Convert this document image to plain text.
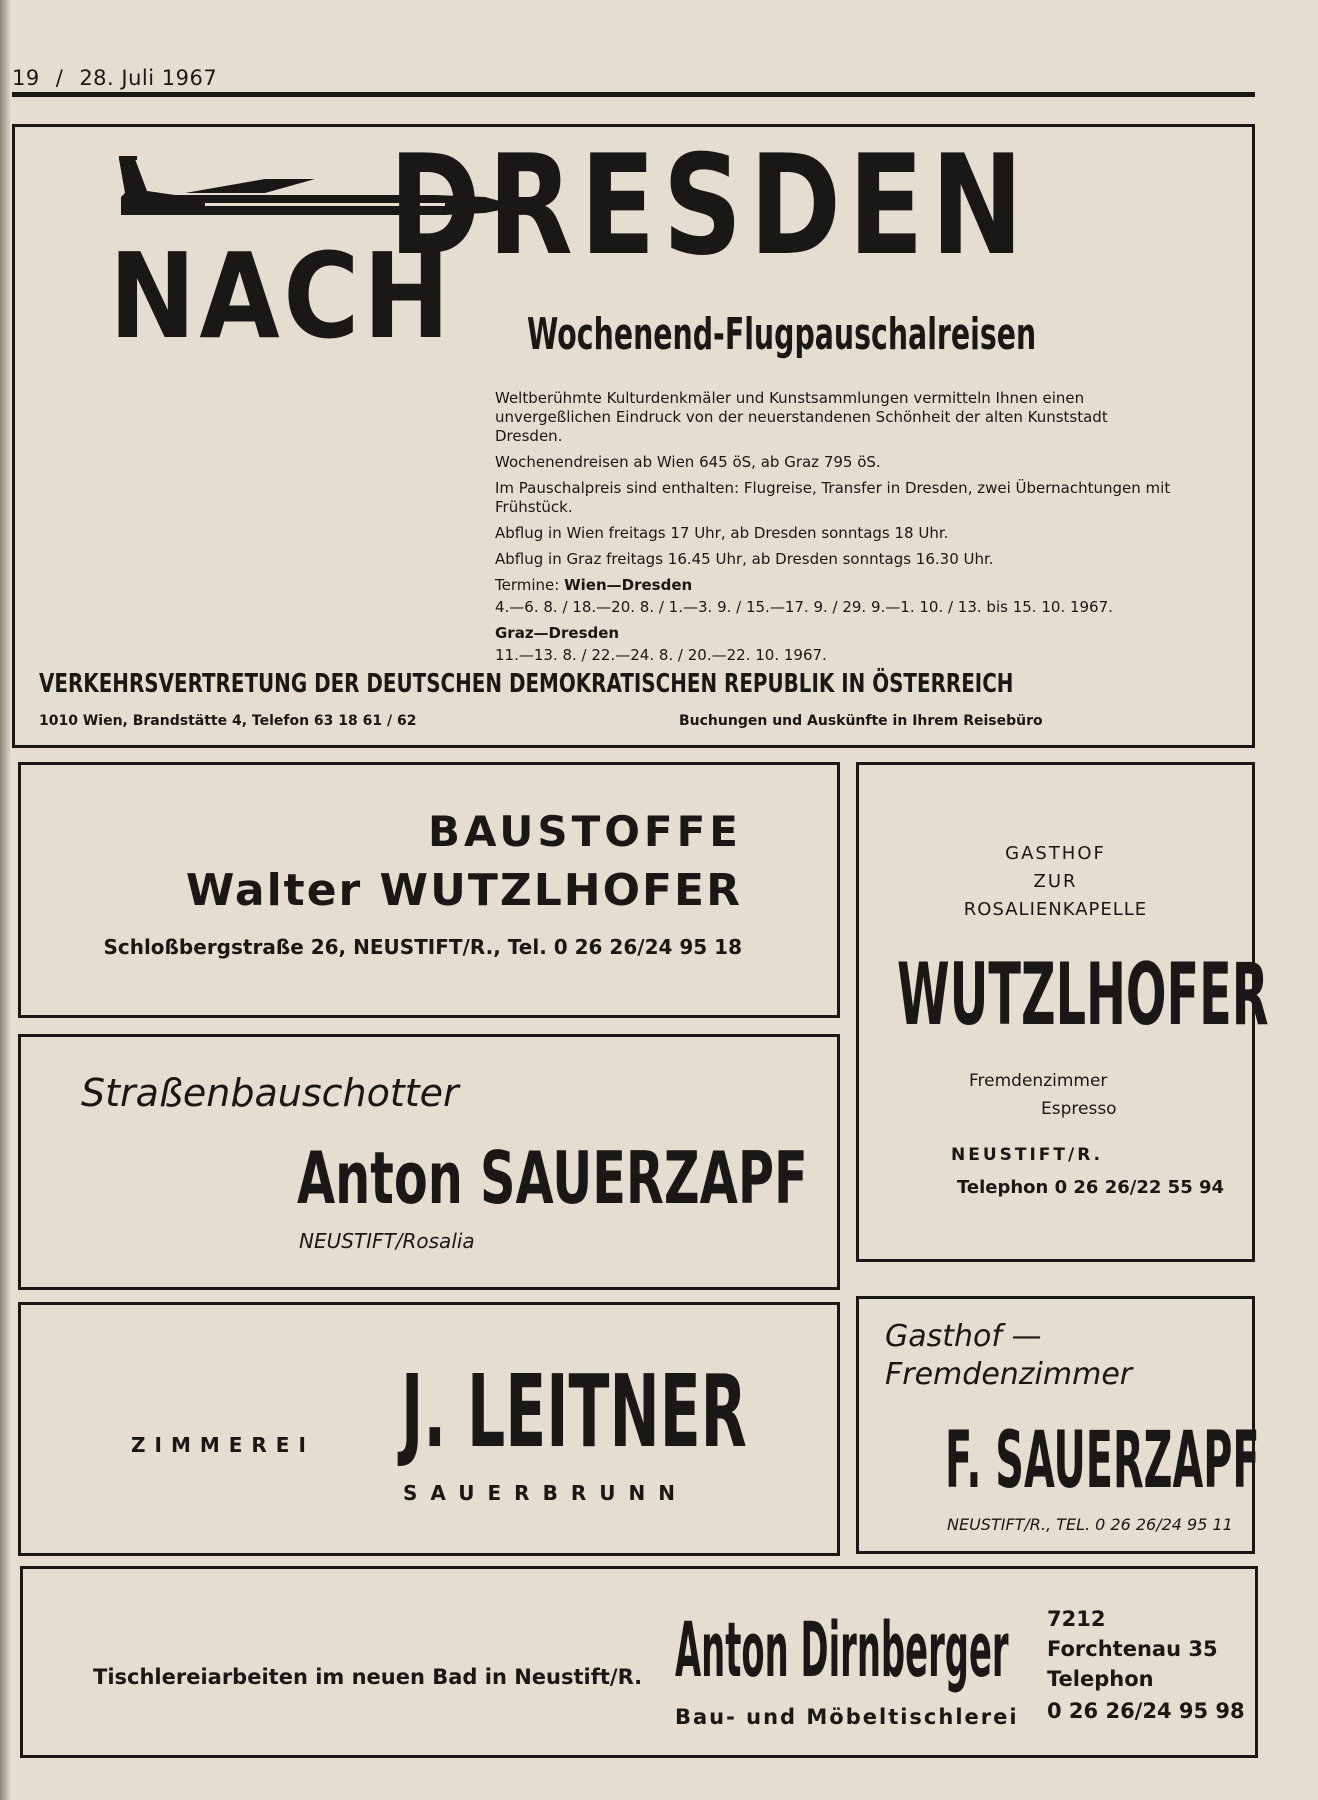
19 / 28. Juli 1967
DRESDEN
NACH	Wochenend-Flugpauschalreisen

Weltberühmte Kulturdenkmäler und Kunstsammlungen vermitteln Ihnen einen unvergeßlichen Eindruck von der neuerstandenen Schönheit der alten Kunststadt Dresden.

Wochenendreisen ab Wien 645 öS, ab Graz 795 öS.

Im Pauschalpreis sind enthalten: Flugreise, Transfer in Dresden, zwei Übernachtungen mit Frühstück.

Abflug in Wien freitags 17 Uhr, ab Dresden sonntags 18 Uhr.

Abflug in Graz freitags 16.45 Uhr, ab Dresden sonntags 16.30 Uhr.

Termine: Wien—Dresden

4.—6. 8. / 18.—20. 8. / 1.—3. 9. / 15.—17. 9. / 29. 9.—1. 10. / 13. bis 15. 10. 1967.

Graz—Dresden

11.—13. 8. / 22.—24. 8. / 20.—22. 10. 1967.

VERKEHRSVERTRETUNG DER DEUTSCHEN DEMOKRATISCHEN REPUBLIK IN ÖSTERREICH
1010 Wien, Brandstätte 4, Telefon 63 18 61 / 62	Buchungen und Auskünfte in Ihrem Reisebüro
BAUSTOFFE
Walter WUTZLHOFER
Schloßbergstraße 26, NEUSTIFT/R., Tel. 0 26 26/24 95 18
GASTHOF
ZUR
ROSALIENKAPELLE
WUTZLHOFER
Fremdenzimmer
Espresso
NEUSTIFT/R.
Telephon 0 26 26/22 55 94
Straßenbauschotter
Anton SAUERZAPF
NEUSTIFT/Rosalia
ZIMMEREI J. LEITNER
SAUERBRUNN
Gasthof —
Fremdenzimmer
F. SAUERZAPF
NEUSTIFT/R., TEL. 0 26 26/24 95 11
Tischlereiarbeiten im neuen Bad in Neustift/R. Anton Dirnberger
Bau- und Möbeltischlerei
7212
Forchtenau 35
Telephon
0 26 26/24 95 98
